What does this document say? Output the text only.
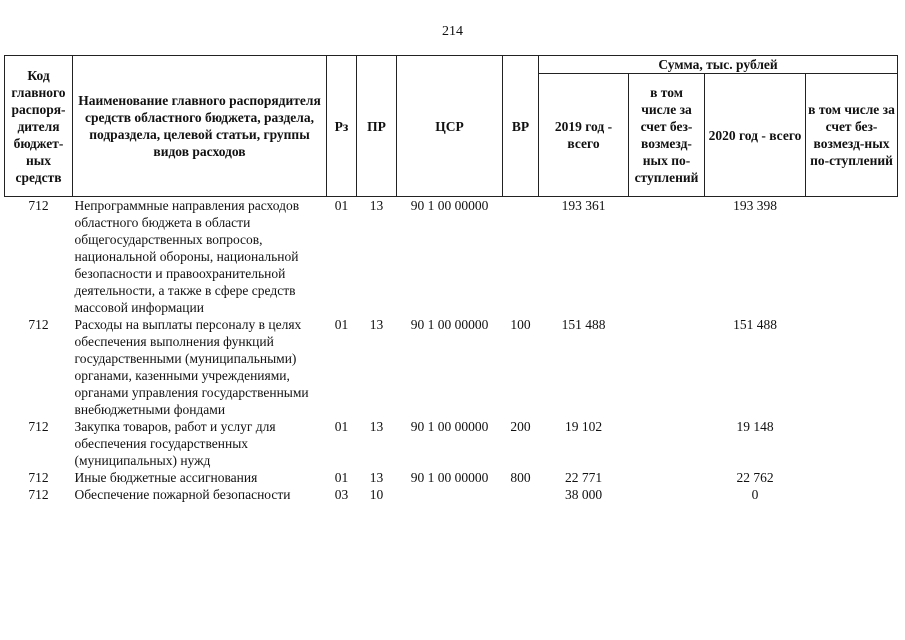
214
Код главного распоря-дителя бюджет-ных средств	Наименование главного распорядителя средств областного бюджета, раздела, подраздела, целевой статьи, группы видов расходов	Рз	ПР	ЦСР	ВР	Сумма, тыс. рублей			
						2019 год - всего	в том числе за счет без-возмезд-ных по-ступлений	2020 год - всего	в том числе за счет без-возмезд-ных по-ступлений
712	Непрограммные направления расходов областного бюджета в области общегосударственных вопросов, национальной обороны, национальной безопасности и правоохранительной деятельности, а также в сфере средств массовой информации	01	13	90 1 00 00000		193 361		193 398	
712	Расходы на выплаты персоналу в целях обеспечения выполнения функций государственными (муниципальными) органами, казенными учреждениями, органами управления государственными внебюджетными фондами	01	13	90 1 00 00000	100	151 488		151 488	
712	Закупка товаров, работ и услуг для обеспечения государственных (муниципальных) нужд	01	13	90 1 00 00000	200	19 102		19 148	
712	Иные бюджетные ассигнования	01	13	90 1 00 00000	800	22 771		22 762	
712	Обеспечение пожарной безопасности	03	10			38 000		0	
